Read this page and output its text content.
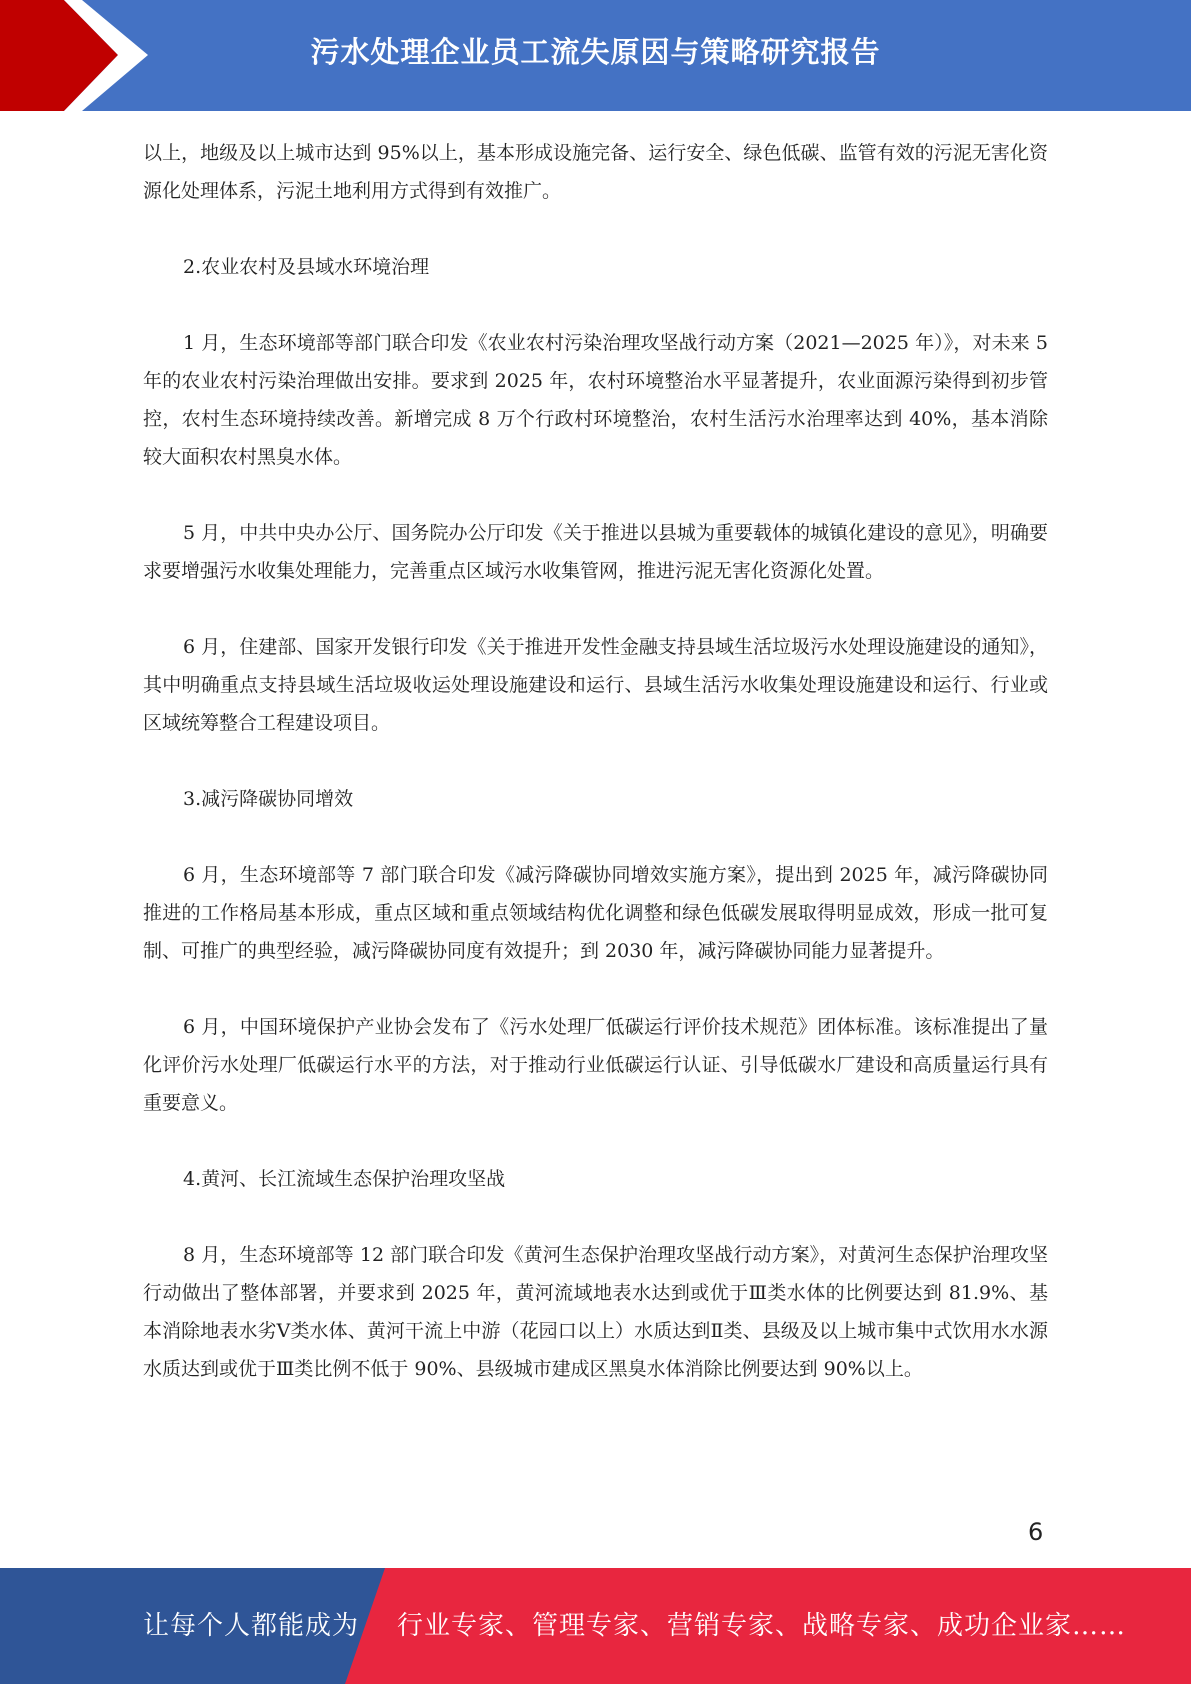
污水处理企业员工流失原因与策略研究报告

以上，地级及以上城市达到 95%以上，基本形成设施完备、运行安全、绿色低碳、监管有效的污泥无害化资源化处理体系，污泥土地利用方式得到有效推广。

2.农业农村及县域水环境治理

1 月，生态环境部等部门联合印发《农业农村污染治理攻坚战行动方案（2021—2025 年）》，对未来 5 年的农业农村污染治理做出安排。要求到 2025 年，农村环境整治水平显著提升，农业面源污染得到初步管控，农村生态环境持续改善。新增完成 8 万个行政村环境整治，农村生活污水治理率达到 40%，基本消除较大面积农村黑臭水体。

5 月，中共中央办公厅、国务院办公厅印发《关于推进以县城为重要载体的城镇化建设的意见》，明确要求要增强污水收集处理能力，完善重点区域污水收集管网，推进污泥无害化资源化处置。

6 月，住建部、国家开发银行印发《关于推进开发性金融支持县域生活垃圾污水处理设施建设的通知》，其中明确重点支持县域生活垃圾收运处理设施建设和运行、县域生活污水收集处理设施建设和运行、行业或区域统筹整合工程建设项目。

3.减污降碳协同增效

6 月，生态环境部等 7 部门联合印发《减污降碳协同增效实施方案》，提出到 2025 年，减污降碳协同推进的工作格局基本形成，重点区域和重点领域结构优化调整和绿色低碳发展取得明显成效，形成一批可复制、可推广的典型经验，减污降碳协同度有效提升；到 2030 年，减污降碳协同能力显著提升。

6 月，中国环境保护产业协会发布了《污水处理厂低碳运行评价技术规范》团体标准。该标准提出了量化评价污水处理厂低碳运行水平的方法，对于推动行业低碳运行认证、引导低碳水厂建设和高质量运行具有重要意义。

4.黄河、长江流域生态保护治理攻坚战

8 月，生态环境部等 12 部门联合印发《黄河生态保护治理攻坚战行动方案》，对黄河生态保护治理攻坚行动做出了整体部署，并要求到 2025 年，黄河流域地表水达到或优于Ⅲ类水体的比例要达到 81.9%、基本消除地表水劣Ⅴ类水体、黄河干流上中游（花园口以上）水质达到Ⅱ类、县级及以上城市集中式饮用水水源水质达到或优于Ⅲ类比例不低于 90%、县级城市建成区黑臭水体消除比例要达到 90%以上。

6
让每个人都能成为 行业专家、管理专家、营销专家、战略专家、成功企业家……
